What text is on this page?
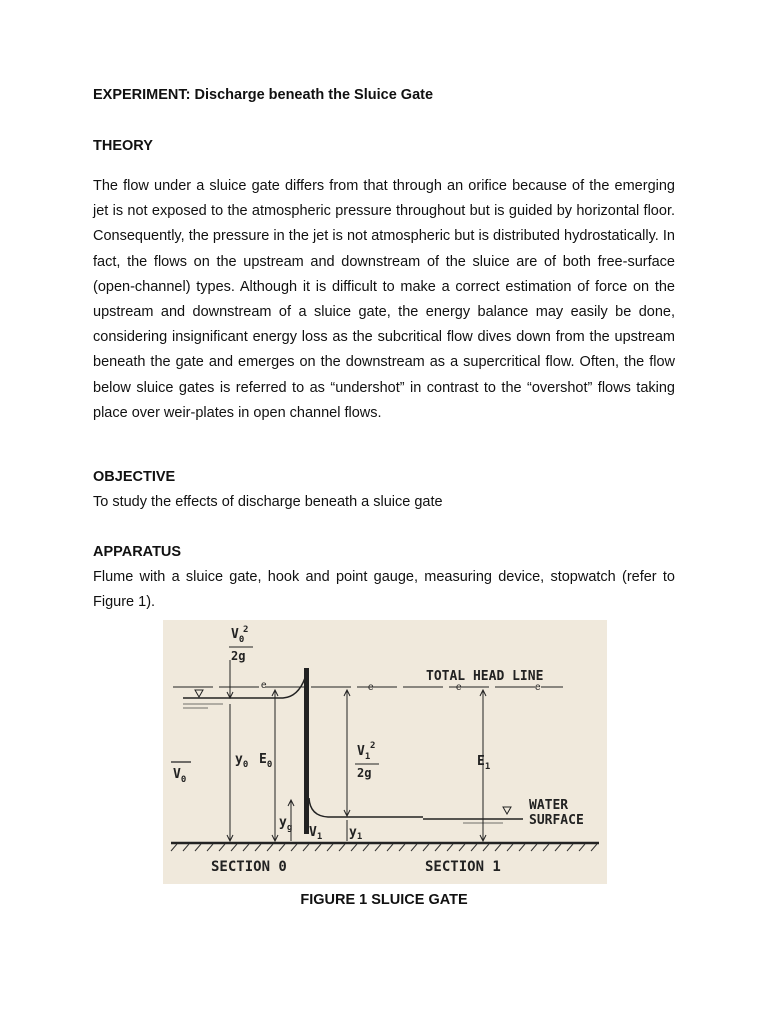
EXPERIMENT: Discharge beneath the Sluice Gate
THEORY

The flow under a sluice gate differs from that through an orifice because of the emerging jet is not exposed to the atmospheric pressure throughout but is guided by horizontal floor. Consequently, the pressure in the jet is not atmospheric but is distributed hydrostatically. In fact, the flows on the upstream and downstream of the sluice are of both free-surface (open-channel) types. Although it is difficult to make a correct estimation of force on the upstream and downstream of a sluice gate, the energy balance may easily be done, considering insignificant energy loss as the subcritical flow dives down from the upstream beneath the gate and emerges on the downstream as a supercritical flow. Often, the flow below sluice gates is referred to as “undershot” in contrast to the “overshot” flows taking place over weir-plates in open channel flows.

OBJECTIVE

To study the effects of discharge beneath a sluice gate

APPARATUS

Flume with a sluice gate, hook and point gauge, measuring device, stopwatch (refer to Figure 1).

$V_0$
2
2g
e	e	e	e
TOTAL HEAD LINE
$y_0$ $E_0$
$V_0$
$V_1$
2
2g
$E_1$
$y_g$ $V_1$ $y_1$
WATER
SURFACE
SECTION 0	SECTION 1
FIGURE 1 SLUICE GATE
